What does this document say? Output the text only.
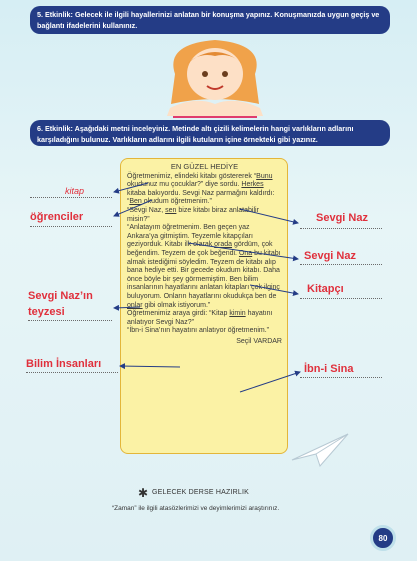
5. Etkinlik: Gelecek ile ilgili hayallerinizi anlatan bir konuşma yapınız. Konuşmanızda uygun geçiş ve bağlantı ifadelerini kullanınız.
6. Etkinlik: Aşağıdaki metni inceleyiniz. Metinde altı çizili kelimelerin hangi varlıkların adlarını karşıladığını bulunuz. Varlıkların adlarını ilgili kutuların içine örnekteki gibi yazınız.
EN GÜZEL HEDİYE

Öğretmenimiz, elindeki kitabı göstererek “Bunu okudunuz mu çocuklar?” diye sordu. Herkes kitaba bakıyordu. Sevgi Naz parmağını kaldırdı: “Ben okudum öğretmenim.”

“Sevgi Naz, sen bize kitabı biraz anlatabilir misin?”

“Anlatayım öğretmenim. Ben geçen yaz Ankara’ya gitmiştim. Teyzemle kitapçıları geziyorduk. Kitabı ilk olarak orada gördüm, çok beğendim. Teyzem de çok beğendi. Ona bu kitabı almak istediğimi söyledim. Teyzem de kitabı alıp bana hediye etti. Bir gecede okudum kitabı. Daha önce böyle bir şey görmemiştim. Ben bilim insanlarının hayatlarını anlatan kitapları çok ilginç buluyorum. Onların hayatlarını okudukça ben de onlar gibi olmak istiyorum.”

Öğretmenimiz araya girdi: “Kitap kimin hayatını anlatıyor Sevgi Naz?”

“İbn-i Sina’nın hayatını anlatıyor öğretmenim.”

Seçil VARDAR
kitap
öğrenciler
Sevgi Naz’ın
teyzesi
Bilim İnsanları
Sevgi Naz
Sevgi Naz
Kitapçı
İbn-i Sina
✱ GELECEK DERSE HAZIRLIK
“Zaman” ile ilgili atasözlerimizi ve deyimlerimizi araştırınız.
80
